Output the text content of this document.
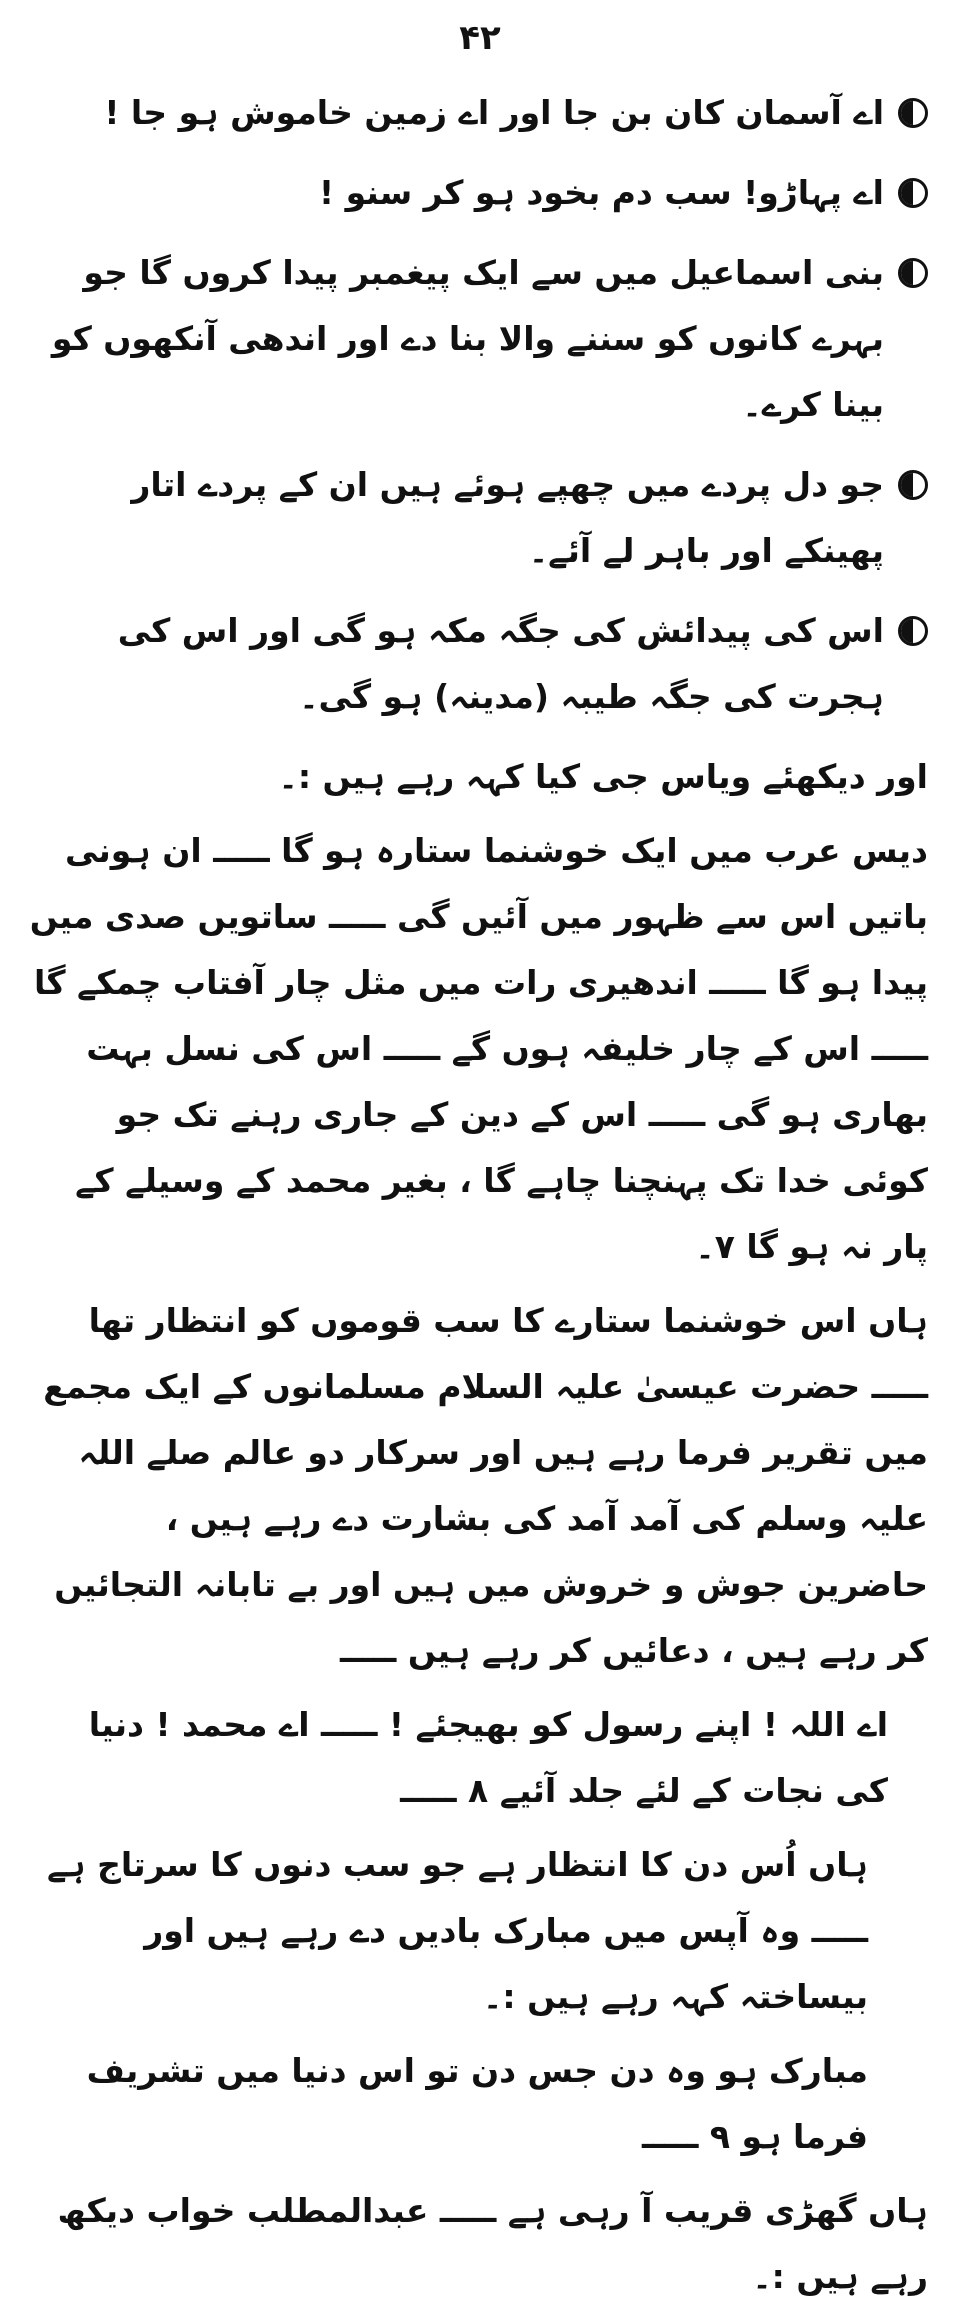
۴۲
اے آسمان کان بن جا اور اے زمین خاموش ہو جا !
اے پہاڑو! سب دم بخود ہو کر سنو !
بنی اسماعیل میں سے ایک پیغمبر پیدا کروں گا جو بہرے کانوں کو سننے والا بنا دے اور اندھی آنکھوں کو بینا کرے۔
جو دل پردے میں چھپے ہوئے ہیں ان کے پردے اتار پھینکے اور باہر لے آئے۔
اس کی پیدائش کی جگہ مکہ ہو گی اور اس کی ہجرت کی جگہ طیبہ (مدینہ) ہو گی۔
اور دیکھئے ویاس جی کیا کہہ رہے ہیں :۔
دیس عرب میں ایک خوشنما ستارہ ہو گا ـــــ ان ہونی باتیں اس سے ظہور میں آئیں گی ـــــ ساتویں صدی میں پیدا ہو گا ـــــ اندھیری رات میں مثل چار آفتاب چمکے گا ـــــ اس کے چار خلیفہ ہوں گے ـــــ اس کی نسل بہت بھاری ہو گی ـــــ اس کے دین کے جاری رہنے تک جو کوئی خدا تک پہنچنا چاہے گا ، بغیر محمد کے وسیلے کے پار نہ ہو گا ۷۔
ہاں اس خوشنما ستارے کا سب قوموں کو انتظار تھا ـــــ حضرت عیسیٰ علیہ السلام مسلمانوں کے ایک مجمع میں تقریر فرما رہے ہیں اور سرکار دو عالم صلے اللہ علیہ وسلم کی آمد آمد کی بشارت دے رہے ہیں ، حاضرین جوش و خروش میں ہیں اور بے تابانہ التجائیں کر رہے ہیں ، دعائیں کر رہے ہیں ـــــ
اے اللہ ! اپنے رسول کو بھیجئے ! ـــــ اے محمد ! دنیا کی نجات کے لئے جلد آئیے ۸ ـــــ
ہاں اُس دن کا انتظار ہے جو سب دنوں کا سرتاج ہے ـــــ وہ آپس میں مبارک بادیں دے رہے ہیں اور بیساختہ کہہ رہے ہیں :۔
مبارک ہو وہ دن جس دن تو اس دنیا میں تشریف فرما ہو ۹ ـــــ
ہاں گھڑی قریب آ رہی ہے ـــــ عبدالمطلب خواب دیکھ رہے ہیں :۔
